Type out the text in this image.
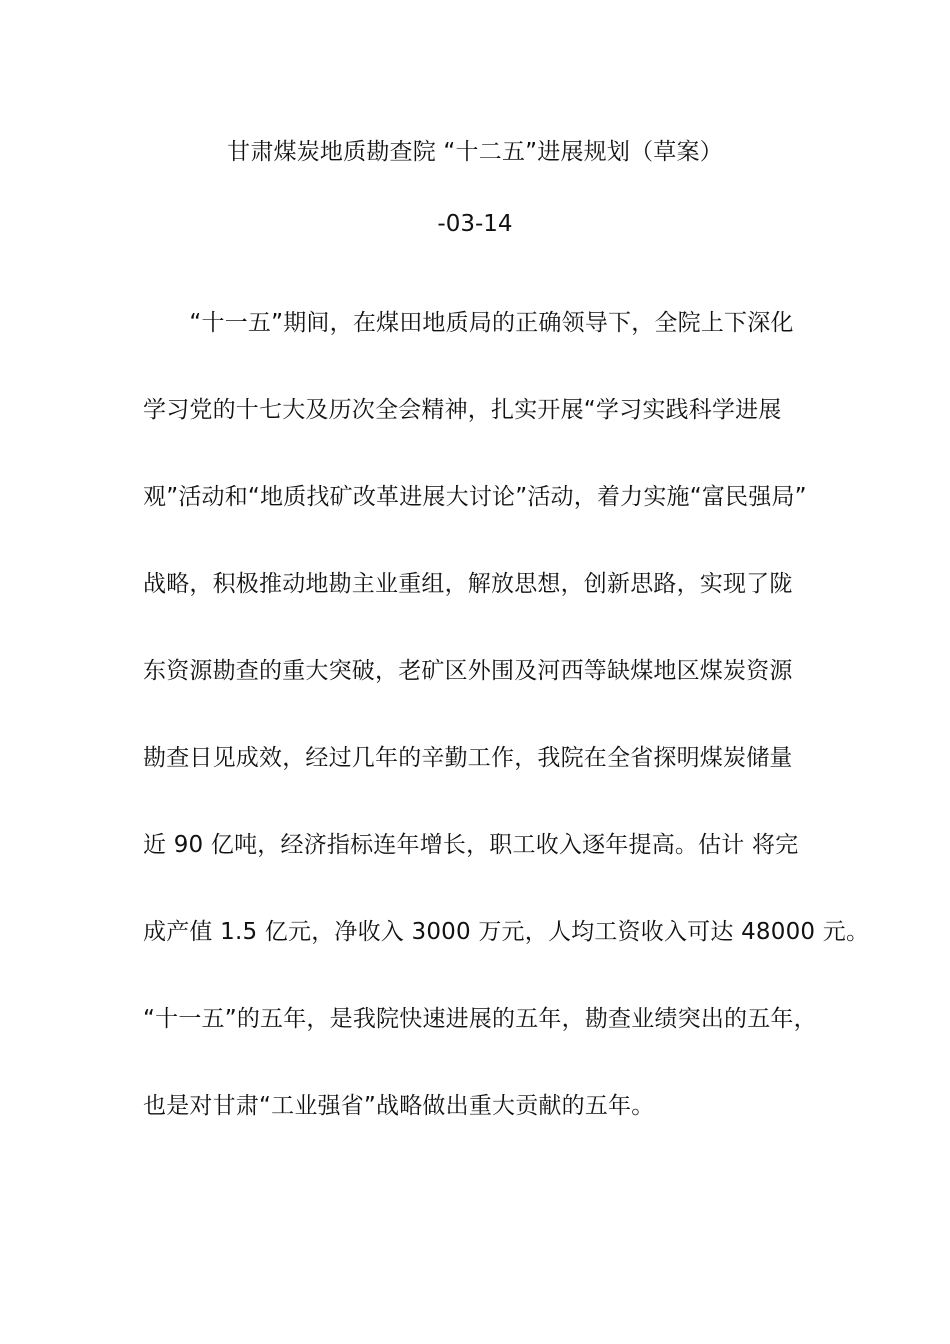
甘肃煤炭地质勘查院 “十二五”进展规划（草案）
-03-14
　　“十一五”期间，在煤田地质局的正确领导下，全院上下深化
学习党的十七大及历次全会精神，扎实开展“学习实践科学进展
观”活动和“地质找矿改革进展大讨论”活动，着力实施“富民强局”
战略，积极推动地勘主业重组，解放思想，创新思路，实现了陇
东资源勘查的重大突破，老矿区外围及河西等缺煤地区煤炭资源
勘查日见成效，经过几年的辛勤工作，我院在全省探明煤炭储量
近 90 亿吨，经济指标连年增长，职工收入逐年提高。估计 将完
成产值 1.5 亿元，净收入 3000 万元，人均工资收入可达 48000 元。
“十一五”的五年，是我院快速进展的五年，勘查业绩突出的五年，
也是对甘肃“工业强省”战略做出重大贡献的五年。
